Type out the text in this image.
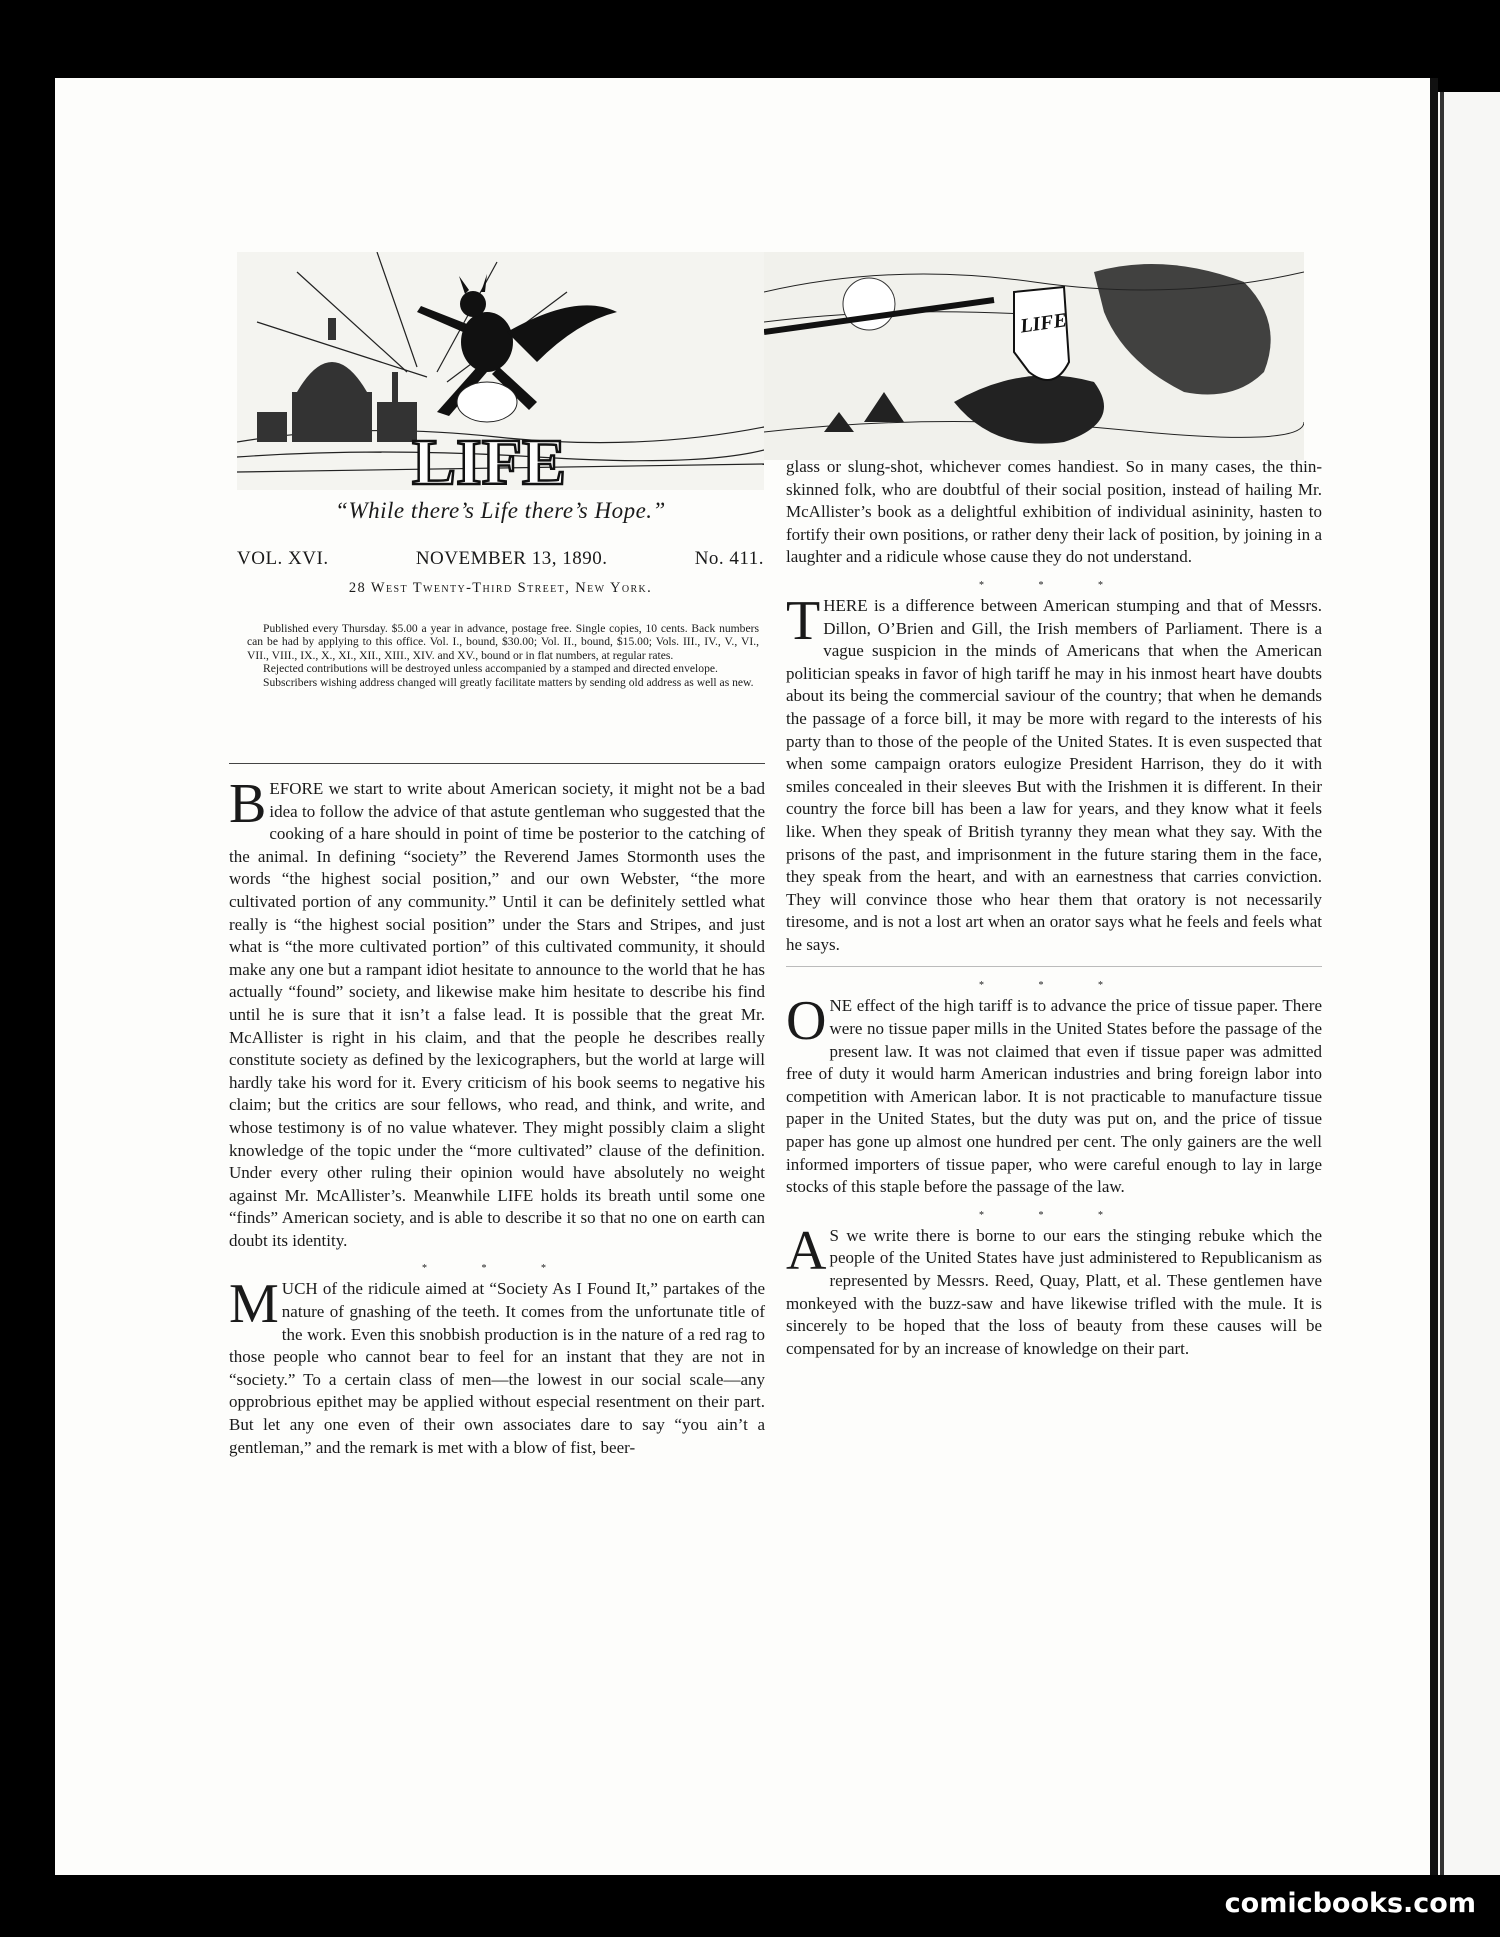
LIFE
LIFE
“While there’s Life there’s Hope.”
VOL. XVI.	NOVEMBER 13, 1890.	No. 411.
28 West Twenty-Third Street, New York.

Published every Thursday. $5.00 a year in advance, postage free. Single copies, 10 cents. Back numbers can be had by applying to this office. Vol. I., bound, $30.00; Vol. II., bound, $15.00; Vols. III., IV., V., VI., VII., VIII., IX., X., XI., XII., XIII., XIV. and XV., bound or in flat numbers, at regular rates.

Rejected contributions will be destroyed unless accompanied by a stamped and directed envelope.

Subscribers wishing address changed will greatly facilitate matters by sending old address as well as new.

BEFORE we start to write about American society, it might not be a bad idea to follow the advice of that astute gentleman who suggested that the cooking of a hare should in point of time be posterior to the catching of the animal. In defining “society” the Reverend James Stormonth uses the words “the highest social position,” and our own Webster, “the more cultivated portion of any community.” Until it can be definitely settled what really is “the highest social position” under the Stars and Stripes, and just what is “the more cultivated portion” of this cultivated community, it should make any one but a rampant idiot hesitate to announce to the world that he has actually “found” society, and likewise make him hesitate to describe his find until he is sure that it isn’t a false lead. It is possible that the great Mr. McAllister is right in his claim, and that the people he describes really constitute society as defined by the lexicographers, but the world at large will hardly take his word for it. Every criticism of his book seems to negative his claim; but the critics are sour fellows, who read, and think, and write, and whose testimony is of no value whatever. They might possibly claim a slight knowledge of the topic under the “more cultivated” clause of the definition. Under every other ruling their opinion would have absolutely no weight against Mr. McAllister’s. Meanwhile LIFE holds its breath until some one “finds” American society, and is able to describe it so that no one on earth can doubt its identity.

* * *

MUCH of the ridicule aimed at “Society As I Found It,” partakes of the nature of gnashing of the teeth. It comes from the unfortunate title of the work. Even this snobbish production is in the nature of a red rag to those people who cannot bear to feel for an instant that they are not in “society.” To a certain class of men—the lowest in our social scale—any opprobrious epithet may be applied without especial resentment on their part. But let any one even of their own associates dare to say “you ain’t a gentleman,” and the remark is met with a blow of fist, beer-

glass or slung-shot, whichever comes handiest. So in many cases, the thin-skinned folk, who are doubtful of their social position, instead of hailing Mr. McAllister’s book as a delightful exhibition of individual asininity, hasten to fortify their own positions, or rather deny their lack of position, by joining in a laughter and a ridicule whose cause they do not understand.

* * *

THERE is a difference between American stumping and that of Messrs. Dillon, O’Brien and Gill, the Irish members of Parliament. There is a vague suspicion in the minds of Americans that when the American politician speaks in favor of high tariff he may in his inmost heart have doubts about its being the commercial saviour of the country; that when he demands the passage of a force bill, it may be more with regard to the interests of his party than to those of the people of the United States. It is even suspected that when some campaign orators eulogize President Harrison, they do it with smiles concealed in their sleeves But with the Irishmen it is different. In their country the force bill has been a law for years, and they know what it feels like. When they speak of British tyranny they mean what they say. With the prisons of the past, and imprisonment in the future staring them in the face, they speak from the heart, and with an earnestness that carries conviction. They will convince those who hear them that oratory is not necessarily tiresome, and is not a lost art when an orator says what he feels and feels what he says.

* * *

ONE effect of the high tariff is to advance the price of tissue paper. There were no tissue paper mills in the United States before the passage of the present law. It was not claimed that even if tissue paper was admitted free of duty it would harm American industries and bring foreign labor into competition with American labor. It is not practicable to manufacture tissue paper in the United States, but the duty was put on, and the price of tissue paper has gone up almost one hundred per cent. The only gainers are the well informed importers of tissue paper, who were careful enough to lay in large stocks of this staple before the passage of the law.

* * *

A S we write there is borne to our ears the stinging rebuke which the people of the United States have just administered to Republicanism as represented by Messrs. Reed, Quay, Platt, et al. These gentlemen have monkeyed with the buzz-saw and have likewise trifled with the mule. It is sincerely to be hoped that the loss of beauty from these causes will be compensated for by an increase of knowledge on their part.

comicbooks.com
